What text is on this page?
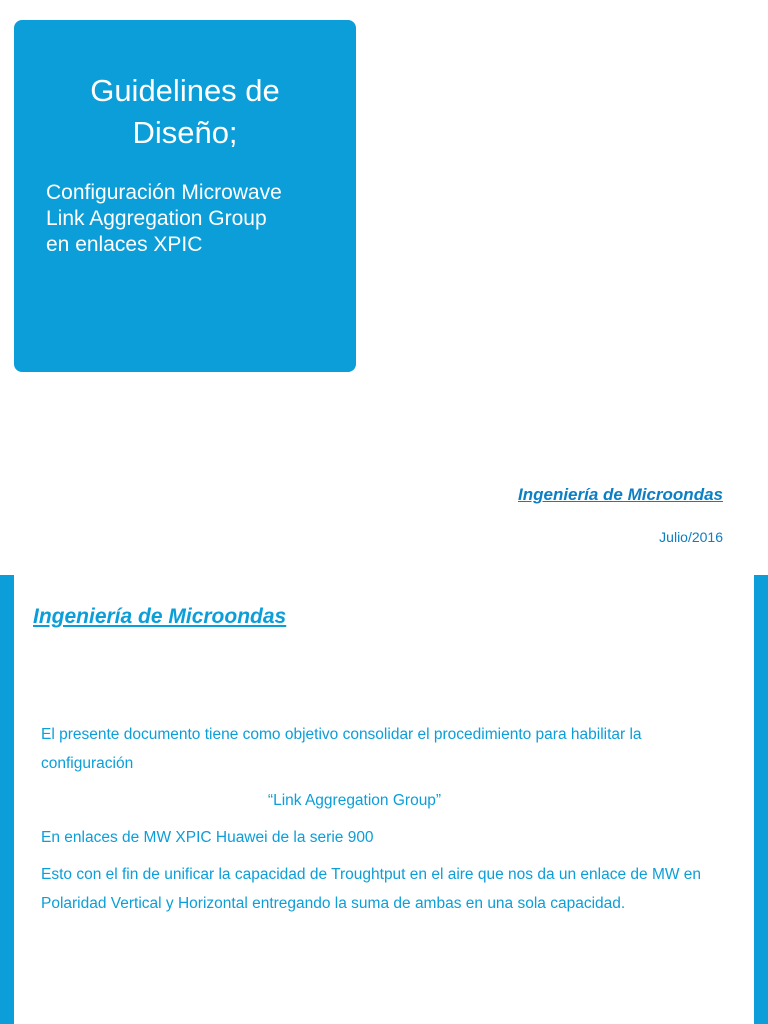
Guidelines de
Diseño;
Configuración Microwave
Link Aggregation Group
en enlaces XPIC
Ingeniería de Microondas
Julio/2016
Ingeniería de Microondas

El presente documento tiene como objetivo consolidar el procedimiento para habilitar la configuración

“Link Aggregation Group”

En enlaces de MW XPIC Huawei de la serie 900

Esto con el fin de unificar la capacidad de Troughtput en el aire que nos da un enlace de MW en Polaridad Vertical y Horizontal entregando la suma de ambas en una sola capacidad.
